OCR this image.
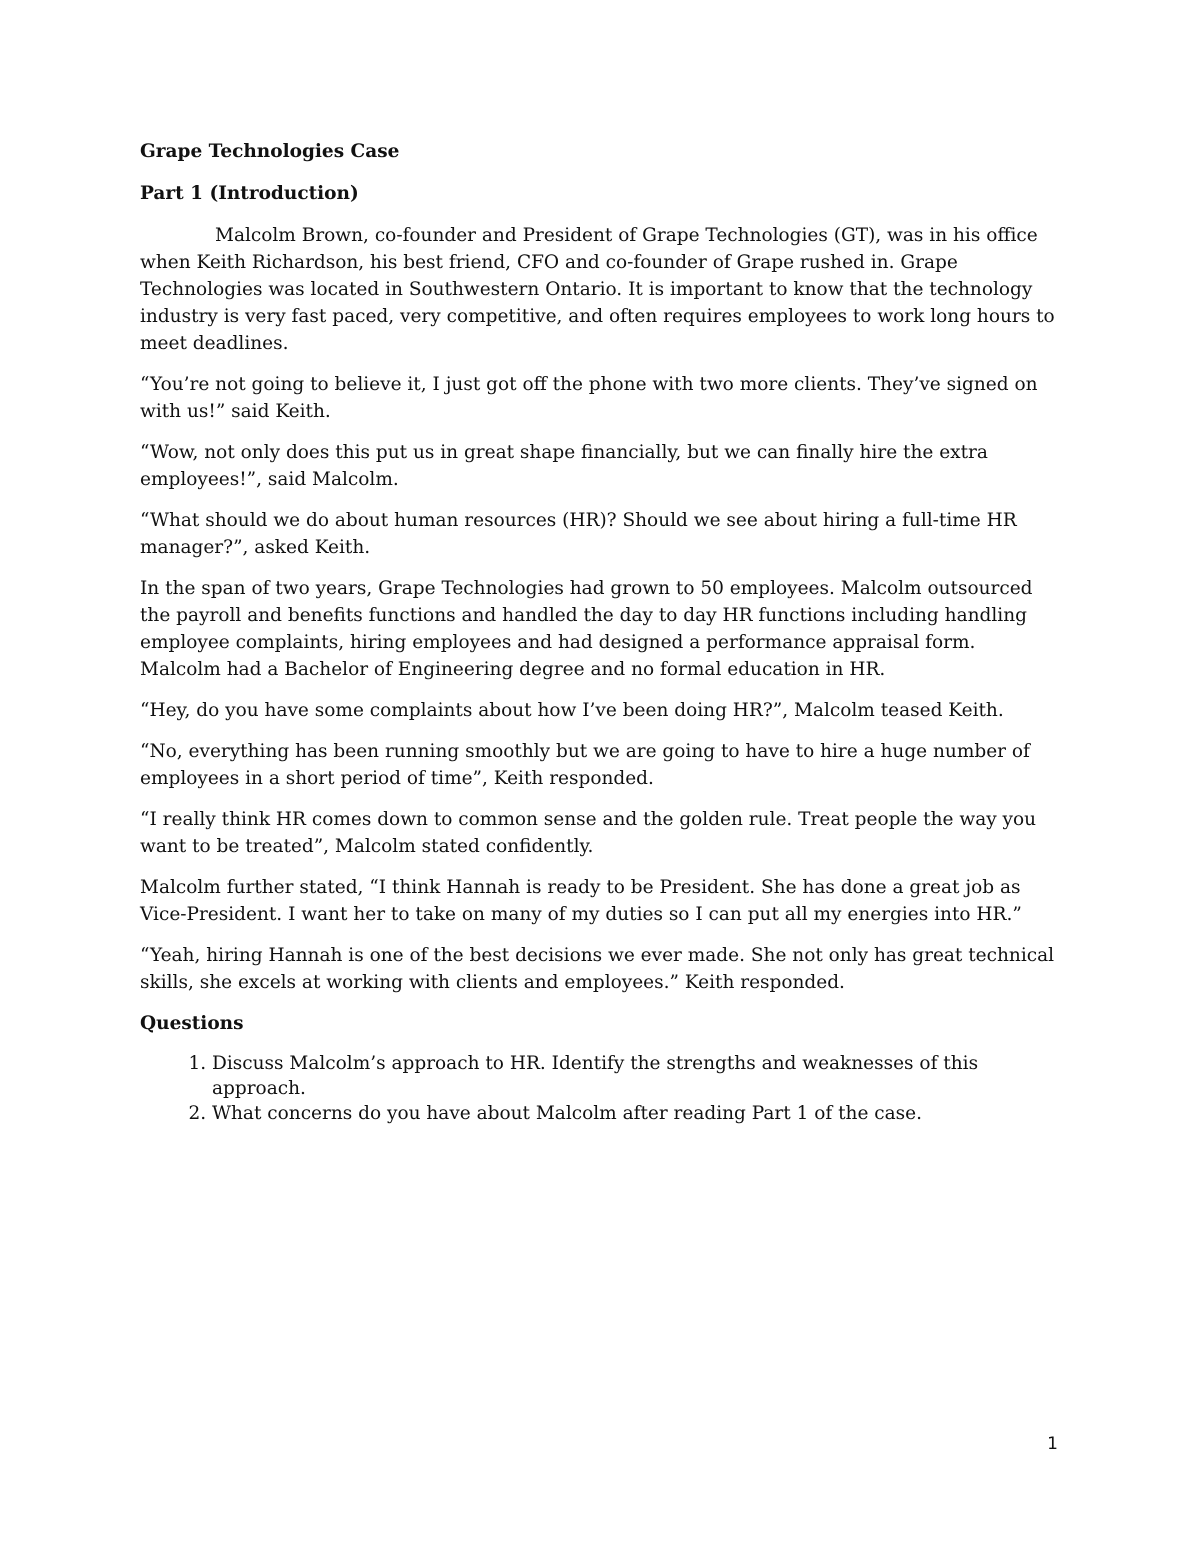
Grape Technologies Case
Part 1 (Introduction)

Malcolm Brown, co-founder and President of Grape Technologies (GT), was in his office when Keith Richardson, his best friend, CFO and co-founder of Grape rushed in. Grape Technologies was located in Southwestern Ontario. It is important to know that the technology industry is very fast paced, very competitive, and often requires employees to work long hours to meet deadlines.

“You’re not going to believe it, I just got off the phone with two more clients. They’ve signed on with us!” said Keith.

“Wow, not only does this put us in great shape financially, but we can finally hire the extra employees!”, said Malcolm.

“What should we do about human resources (HR)? Should we see about hiring a full-time HR manager?”, asked Keith.

In the span of two years, Grape Technologies had grown to 50 employees. Malcolm outsourced the payroll and benefits functions and handled the day to day HR functions including handling employee complaints, hiring employees and had designed a performance appraisal form. Malcolm had a Bachelor of Engineering degree and no formal education in HR.

“Hey, do you have some complaints about how I’ve been doing HR?”, Malcolm teased Keith.

“No, everything has been running smoothly but we are going to have to hire a huge number of employees in a short period of time”, Keith responded.

“I really think HR comes down to common sense and the golden rule. Treat people the way you want to be treated”, Malcolm stated confidently.

Malcolm further stated, “I think Hannah is ready to be President. She has done a great job as Vice-President. I want her to take on many of my duties so I can put all my energies into HR.”

“Yeah, hiring Hannah is one of the best decisions we ever made. She not only has great technical skills, she excels at working with clients and employees.” Keith responded.

Questions
1. Discuss Malcolm’s approach to HR. Identify the strengths and weaknesses of this approach.
2. What concerns do you have about Malcolm after reading Part 1 of the case.
1
